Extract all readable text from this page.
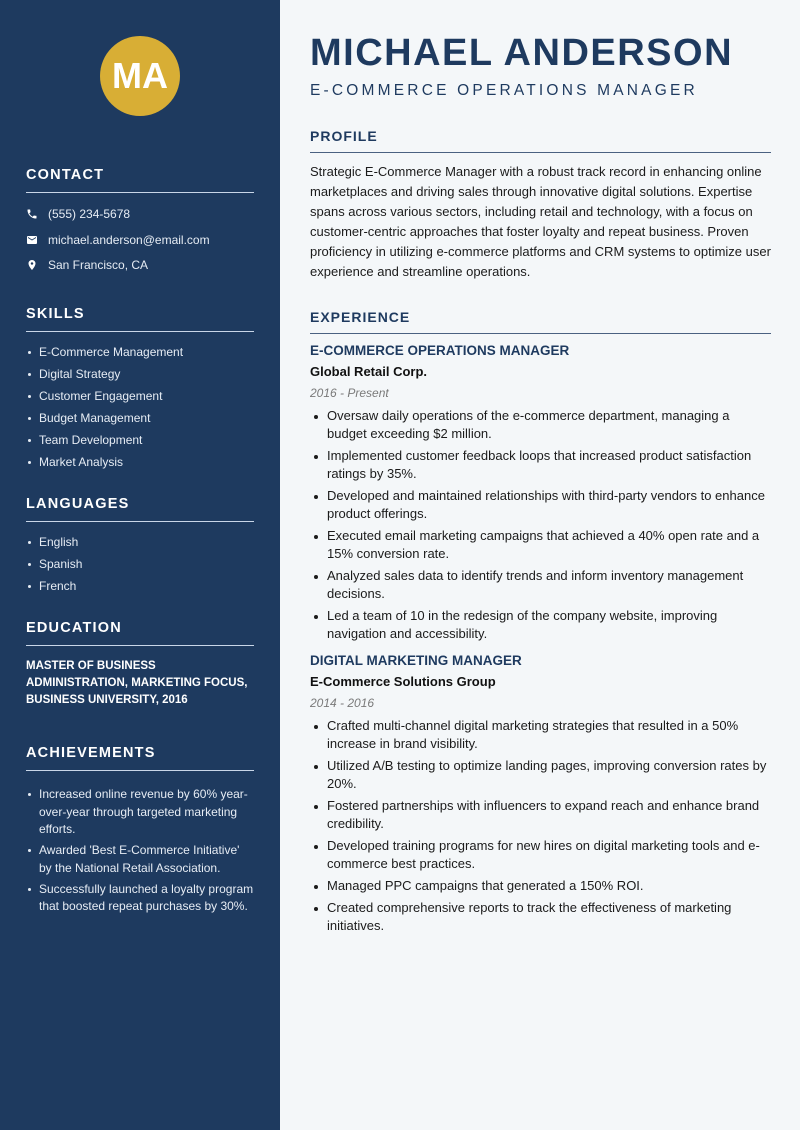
MA
CONTACT
(555) 234-5678
michael.anderson@email.com
San Francisco, CA
SKILLS
E-Commerce Management
Digital Strategy
Customer Engagement
Budget Management
Team Development
Market Analysis
LANGUAGES
English
Spanish
French
EDUCATION

MASTER OF BUSINESS ADMINISTRATION, MARKETING FOCUS, BUSINESS UNIVERSITY, 2016

ACHIEVEMENTS
Increased online revenue by 60% year-over-year through targeted marketing efforts.
Awarded 'Best E-Commerce Initiative' by the National Retail Association.
Successfully launched a loyalty program that boosted repeat purchases by 30%.
MICHAEL ANDERSON
E-COMMERCE OPERATIONS MANAGER
PROFILE

Strategic E-Commerce Manager with a robust track record in enhancing online marketplaces and driving sales through innovative digital solutions. Expertise spans across various sectors, including retail and technology, with a focus on customer-centric approaches that foster loyalty and repeat business. Proven proficiency in utilizing e-commerce platforms and CRM systems to optimize user experience and streamline operations.

EXPERIENCE
E-COMMERCE OPERATIONS MANAGER
Global Retail Corp.
2016 - Present
Oversaw daily operations of the e-commerce department, managing a budget exceeding $2 million.
Implemented customer feedback loops that increased product satisfaction ratings by 35%.
Developed and maintained relationships with third-party vendors to enhance product offerings.
Executed email marketing campaigns that achieved a 40% open rate and a 15% conversion rate.
Analyzed sales data to identify trends and inform inventory management decisions.
Led a team of 10 in the redesign of the company website, improving navigation and accessibility.
DIGITAL MARKETING MANAGER
E-Commerce Solutions Group
2014 - 2016
Crafted multi-channel digital marketing strategies that resulted in a 50% increase in brand visibility.
Utilized A/B testing to optimize landing pages, improving conversion rates by 20%.
Fostered partnerships with influencers to expand reach and enhance brand credibility.
Developed training programs for new hires on digital marketing tools and e-commerce best practices.
Managed PPC campaigns that generated a 150% ROI.
Created comprehensive reports to track the effectiveness of marketing initiatives.
